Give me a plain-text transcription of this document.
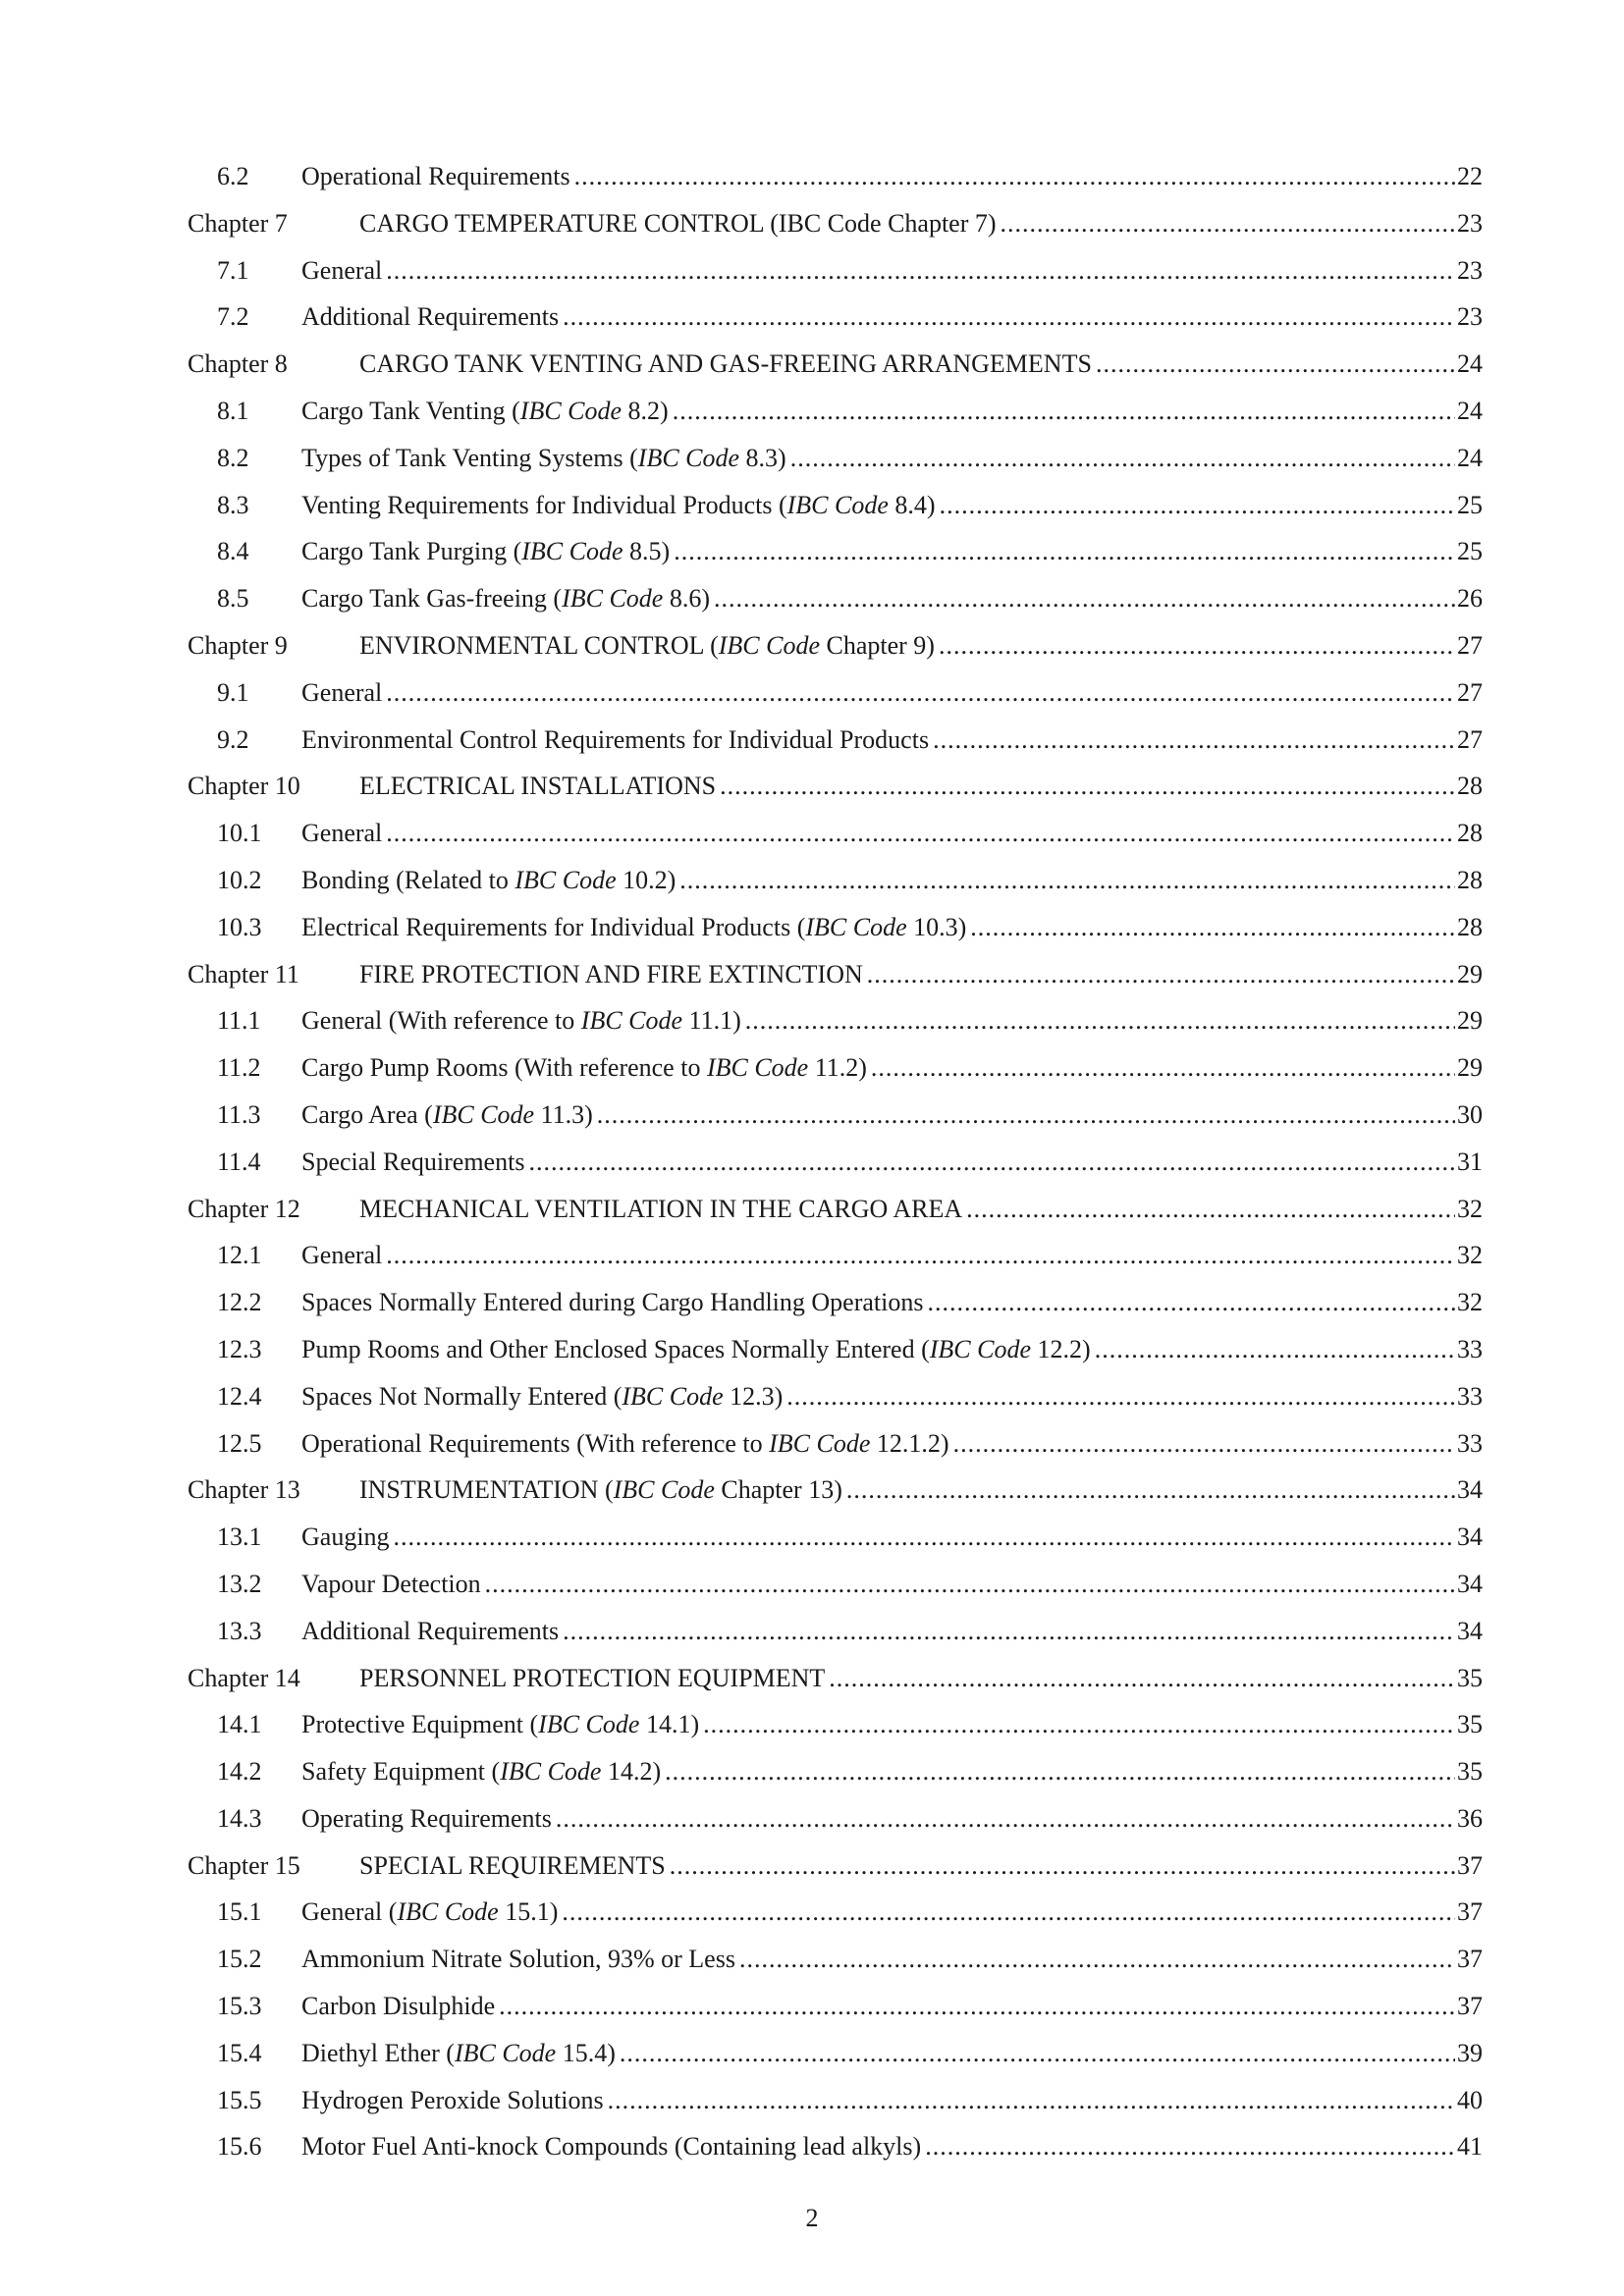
6.2 Operational Requirements .....	22
Chapter 7	CARGO TEMPERATURE CONTROL (IBC Code Chapter 7) .....	23
7.1 General .....	23
7.2 Additional Requirements .....	23
Chapter 8	CARGO TANK VENTING AND GAS-FREEING ARRANGEMENTS .....	24
8.1 Cargo Tank Venting (IBC Code 8.2) .....	24
8.2 Types of Tank Venting Systems (IBC Code 8.3) .....	24
8.3 Venting Requirements for Individual Products (IBC Code 8.4) .....	25
8.4 Cargo Tank Purging (IBC Code 8.5) .....	25
8.5 Cargo Tank Gas-freeing (IBC Code 8.6) .....	26
Chapter 9	ENVIRONMENTAL CONTROL (IBC Code Chapter 9) .....	27
9.1 General .....	27
9.2 Environmental Control Requirements for Individual Products .....	27
Chapter 10 ELECTRICAL INSTALLATIONS .....	28
10.1 General .....	28
10.2 Bonding (Related to IBC Code 10.2) .....	28
10.3 Electrical Requirements for Individual Products (IBC Code 10.3) .....	28
Chapter 11 FIRE PROTECTION AND FIRE EXTINCTION .....	29
11.1 General (With reference to IBC Code 11.1) .....	29
11.2 Cargo Pump Rooms (With reference to IBC Code 11.2) .....	29
11.3 Cargo Area (IBC Code 11.3) .....	30
11.4 Special Requirements .....	31
Chapter 12 MECHANICAL VENTILATION IN THE CARGO AREA .....	32
12.1 General .....	32
12.2 Spaces Normally Entered during Cargo Handling Operations .....	32
12.3 Pump Rooms and Other Enclosed Spaces Normally Entered (IBC Code 12.2) .....	33
12.4 Spaces Not Normally Entered (IBC Code 12.3) .....	33
12.5 Operational Requirements (With reference to IBC Code 12.1.2) .....	33
Chapter 13 INSTRUMENTATION (IBC Code Chapter 13) .....	34
13.1 Gauging .....	34
13.2 Vapour Detection .....	34
13.3 Additional Requirements .....	34
Chapter 14 PERSONNEL PROTECTION EQUIPMENT .....	35
14.1 Protective Equipment (IBC Code 14.1) .....	35
14.2 Safety Equipment (IBC Code 14.2) .....	35
14.3 Operating Requirements .....	36
Chapter 15 SPECIAL REQUIREMENTS .....	37
15.1 General (IBC Code 15.1) .....	37
15.2 Ammonium Nitrate Solution, 93% or Less .....	37
15.3 Carbon Disulphide .....	37
15.4 Diethyl Ether (IBC Code 15.4) .....	39
15.5 Hydrogen Peroxide Solutions .....	40
15.6 Motor Fuel Anti-knock Compounds (Containing lead alkyls) .....	41
2
